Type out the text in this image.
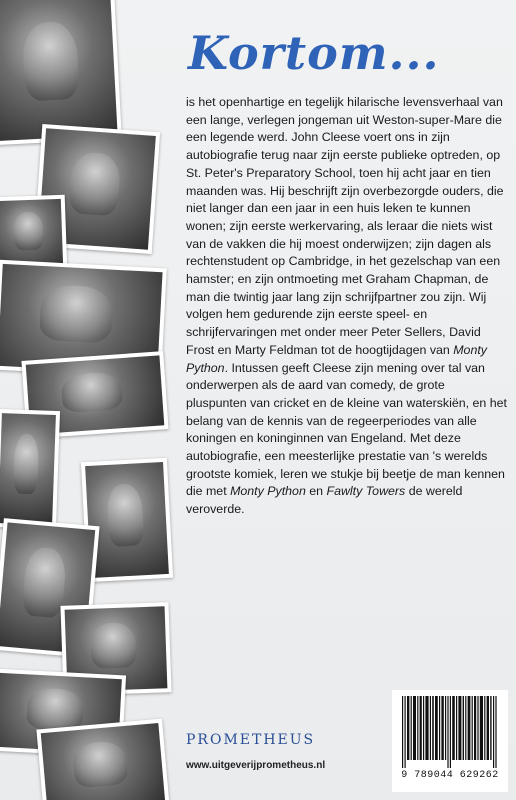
Kortom...

is het openhartige en tegelijk hilarische levensverhaal van een lange, verlegen jongeman uit Weston-super-Mare die een legende werd. John Cleese voert ons in zijn autobiografie terug naar zijn eerste publieke optreden, op St. Peter's Preparatory School, toen hij acht jaar en tien maanden was. Hij beschrijft zijn overbezorgde ouders, die niet langer dan een jaar in een huis leken te kunnen wonen; zijn eerste werkervaring, als leraar die niets wist van de vakken die hij moest onderwijzen; zijn dagen als rechtenstudent op Cambridge, in het gezelschap van een hamster; en zijn ontmoeting met Graham Chapman, de man die twintig jaar lang zijn schrijfpartner zou zijn. Wij volgen hem gedurende zijn eerste speel- en schrijfervaringen met onder meer Peter Sellers, David Frost en Marty Feldman tot de hoogtijdagen van Monty Python. Intussen geeft Cleese zijn mening over tal van onderwerpen als de aard van comedy, de grote pluspunten van cricket en de kleine van waterskiën, en het belang van de kennis van de regeerperiodes van alle koningen en koninginnen van Engeland. Met deze autobiografie, een meesterlijke prestatie van 's werelds grootste komiek, leren we stukje bij beetje de man kennen die met Monty Python en Fawlty Towers de wereld veroverde.

PROMETHEUS

www.uitgeverijprometheus.nl

9 789044 629262
